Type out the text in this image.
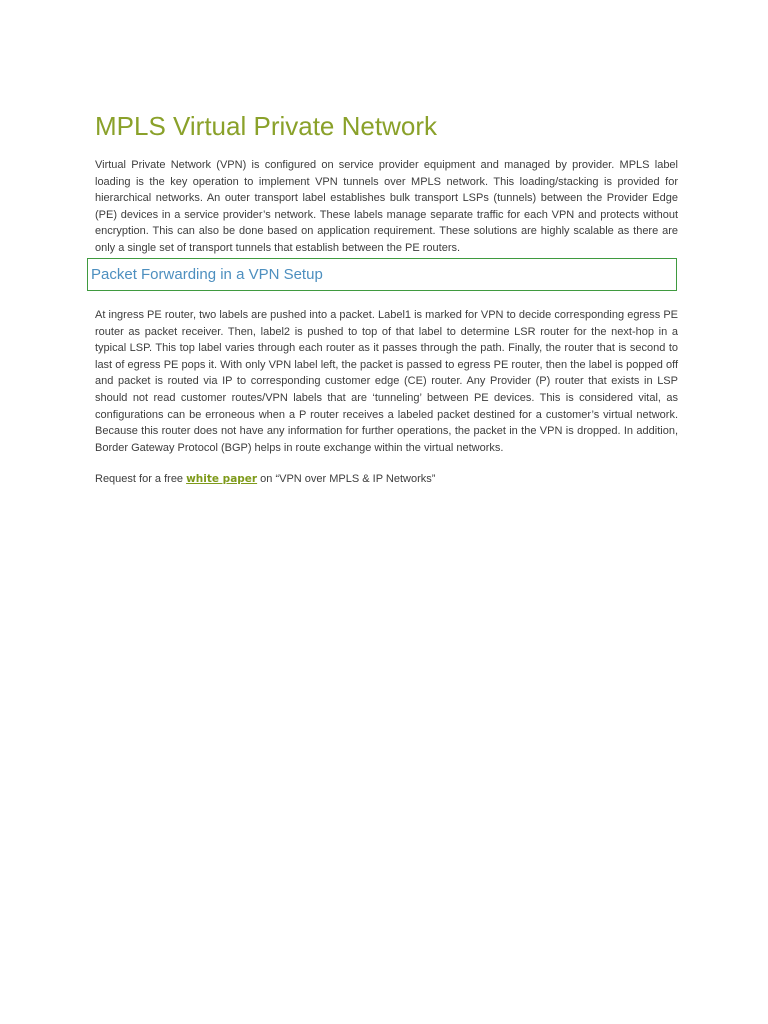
MPLS Virtual Private Network

Virtual Private Network (VPN) is configured on service provider equipment and managed by provider. MPLS label loading is the key operation to implement VPN tunnels over MPLS network. This loading/stacking is provided for hierarchical networks. An outer transport label establishes bulk transport LSPs (tunnels) between the Provider Edge (PE) devices in a service provider’s network. These labels manage separate traffic for each VPN and protects without encryption. This can also be done based on application requirement. These solutions are highly scalable as there are only a single set of transport tunnels that establish between the PE routers.

At ingress PE router, two labels are pushed into a packet. Label1 is marked for VPN to decide corresponding egress PE router as packet receiver. Then, label2 is pushed to top of that label to determine LSR router for the next-hop in a typical LSP. This top label varies through each router as it passes through the path. Finally, the router that is second to last of egress PE pops it. With only VPN label left, the packet is passed to egress PE router, then the label is popped off and packet is routed via IP to corresponding customer edge (CE) router. Any Provider (P) router that exists in LSP should not read customer routes/VPN labels that are ‘tunneling’ between PE devices. This is considered vital, as configurations can be erroneous when a P router receives a labeled packet destined for a customer’s virtual network. Because this router does not have any information for further operations, the packet in the VPN is dropped. In addition, Border Gateway Protocol (BGP) helps in route exchange within the virtual networks.

Request for a free white paper on “VPN over MPLS & IP Networks”

Packet Forwarding in a VPN Setup
